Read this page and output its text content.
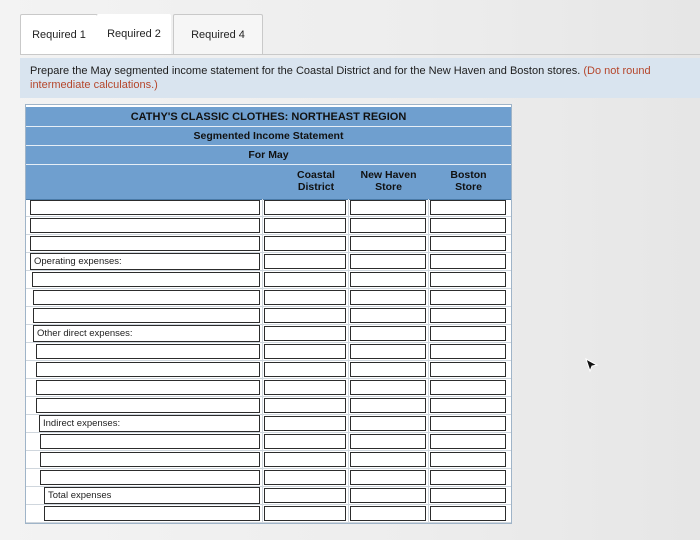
Required 1	Required 2	Required 4
Prepare the May segmented income statement for the Coastal District and for the New Haven and Boston stores. (Do not round intermediate calculations.)
CATHY'S CLASSIC CLOTHES: NORTHEAST REGION
Segmented Income Statement
For May
Coastal District
New Haven Store
Boston Store
Operating expenses:
Other direct expenses:
Indirect expenses:
Total expenses
